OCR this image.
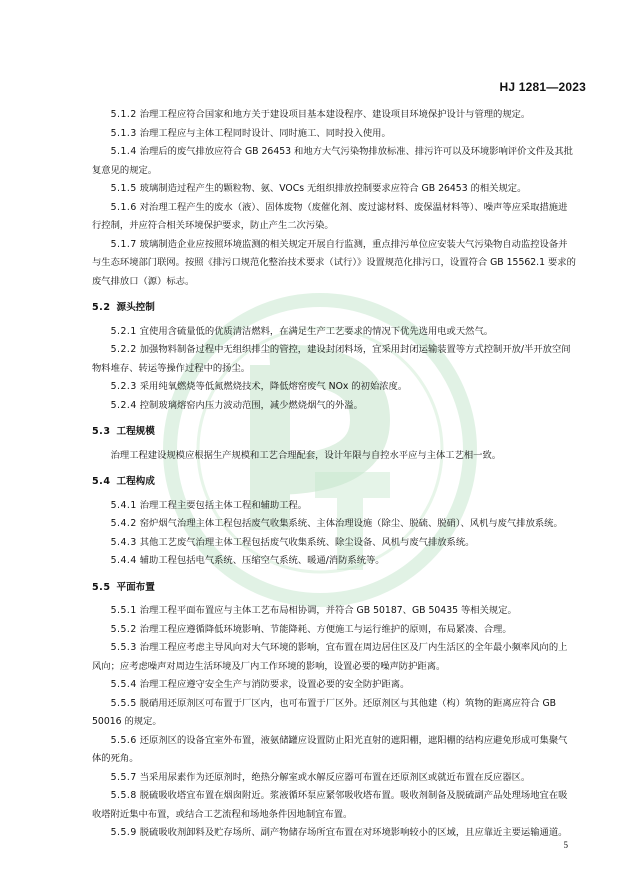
HJ 1281—2023
5.1.2 治理工程应符合国家和地方关于建设项目基本建设程序、建设项目环境保护设计与管理的规定。
5.1.3 治理工程应与主体工程同时设计、同时施工、同时投入使用。
5.1.4 治理后的废气排放应符合 GB 26453 和地方大气污染物排放标准、排污许可以及环境影响评价文件及其批复意见的规定。
5.1.5 玻璃制造过程产生的颗粒物、氨、VOCs 无组织排放控制要求应符合 GB 26453 的相关规定。
5.1.6 对治理工程产生的废水（液）、固体废物（废催化剂、废过滤材料、废保温材料等）、噪声等应采取措施进行控制，并应符合相关环境保护要求，防止产生二次污染。
5.1.7 玻璃制造企业应按照环境监测的相关规定开展自行监测，重点排污单位应安装大气污染物自动监控设备并与生态环境部门联网。按照《排污口规范化整治技术要求（试行）》设置规范化排污口，设置符合 GB 15562.1 要求的废气排放口（源）标志。
5.2 源头控制
5.2.1 宜使用含硫量低的优质清洁燃料，在满足生产工艺要求的情况下优先选用电或天然气。
5.2.2 加强物料制备过程中无组织排尘的管控，建设封闭料场，宜采用封闭运输装置等方式控制开放/半开放空间物料堆存、转运等操作过程中的扬尘。
5.2.3 采用纯氧燃烧等低氮燃烧技术，降低熔窑废气 NOx 的初始浓度。
5.2.4 控制玻璃熔窑内压力波动范围，减少燃烧烟气的外溢。
5.3 工程规模
治理工程建设规模应根据生产规模和工艺合理配套，设计年限与自控水平应与主体工艺相一致。
5.4 工程构成
5.4.1 治理工程主要包括主体工程和辅助工程。
5.4.2 窑炉烟气治理主体工程包括废气收集系统、主体治理设施（除尘、脱硫、脱硝）、风机与废气排放系统。
5.4.3 其他工艺废气治理主体工程包括废气收集系统、除尘设备、风机与废气排放系统。
5.4.4 辅助工程包括电气系统、压缩空气系统、暖通/消防系统等。
5.5 平面布置
5.5.1 治理工程平面布置应与主体工艺布局相协调，并符合 GB 50187、GB 50435 等相关规定。
5.5.2 治理工程应遵循降低环境影响、节能降耗、方便施工与运行维护的原则，布局紧凑、合理。
5.5.3 治理工程应考虑主导风向对大气环境的影响，宜布置在周边居住区及厂内生活区的全年最小频率风向的上风向；应考虑噪声对周边生活环境及厂内工作环境的影响，设置必要的噪声防护距离。
5.5.4 治理工程应遵守安全生产与消防要求，设置必要的安全防护距离。
5.5.5 脱硝用还原剂区可布置于厂区内，也可布置于厂区外。还原剂区与其他建（构）筑物的距离应符合 GB 50016 的规定。
5.5.6 还原剂区的设备宜室外布置，液氨储罐应设置防止阳光直射的遮阳棚，遮阳棚的结构应避免形成可集聚气体的死角。
5.5.7 当采用尿素作为还原剂时，绝热分解室或水解反应器可布置在还原剂区或就近布置在反应器区。
5.5.8 脱硫吸收塔宜布置在烟囱附近。浆液循环泵应紧邻吸收塔布置。吸收剂制备及脱硫副产品处理场地宜在吸收塔附近集中布置，或结合工艺流程和场地条件因地制宜布置。
5.5.9 脱硫吸收剂卸料及贮存场所、副产物储存场所宜布置在对环境影响较小的区域，且应靠近主要运输通道。
5
